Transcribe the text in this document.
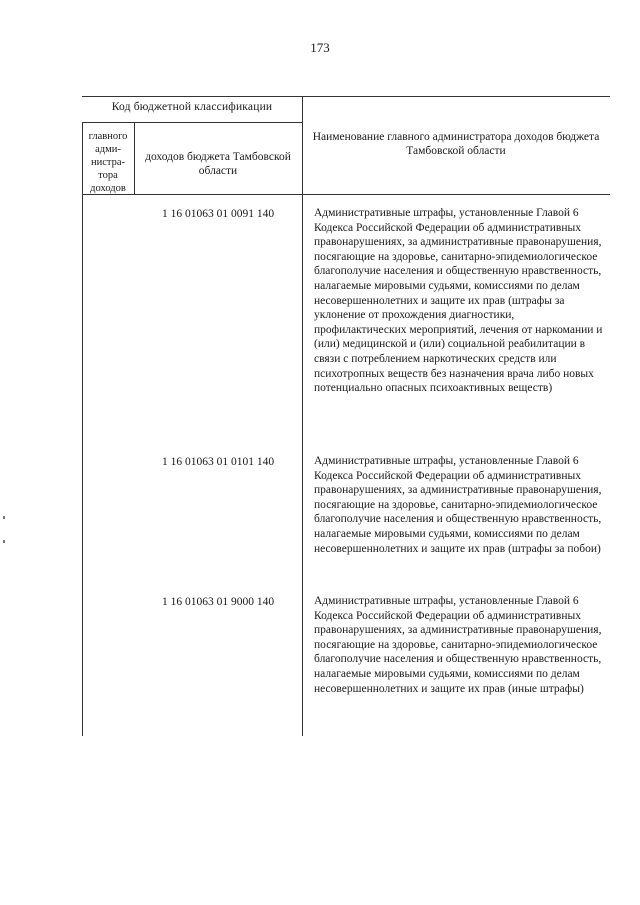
173
Код бюджетной классификации
главного адми-нистра-тора доходов
доходов бюджета Тамбовской области
Наименование главного администратора доходов бюджета Тамбовской области
1 16 01063 01 0091 140	Административные штрафы, установленные Главой 6 Кодекса Российской Федерации об административных правонарушениях, за административные правонарушения, посягающие на здоровье, санитарно-эпидемиологическое благополучие населения и общественную нравственность, налагаемые мировыми судьями, комиссиями по делам несовершеннолетних и защите их прав (штрафы за уклонение от прохождения диагностики, профилактических мероприятий, лечения от наркомании и (или) медицинской и (или) социальной реабилитации в связи с потреблением наркотических средств или психотропных веществ без назначения врача либо новых потенциально опасных психоактивных веществ)
1 16 01063 01 0101 140	Административные штрафы, установленные Главой 6 Кодекса Российской Федерации об административных правонарушениях, за административные правонарушения, посягающие на здоровье, санитарно-эпидемиологическое благополучие населения и общественную нравственность, налагаемые мировыми судьями, комиссиями по делам несовершеннолетних и защите их прав (штрафы за побои)
1 16 01063 01 9000 140	Административные штрафы, установленные Главой 6 Кодекса Российской Федерации об административных правонарушениях, за административные правонарушения, посягающие на здоровье, санитарно-эпидемиологическое благополучие населения и общественную нравственность, налагаемые мировыми судьями, комиссиями по делам несовершеннолетних и защите их прав (иные штрафы)
